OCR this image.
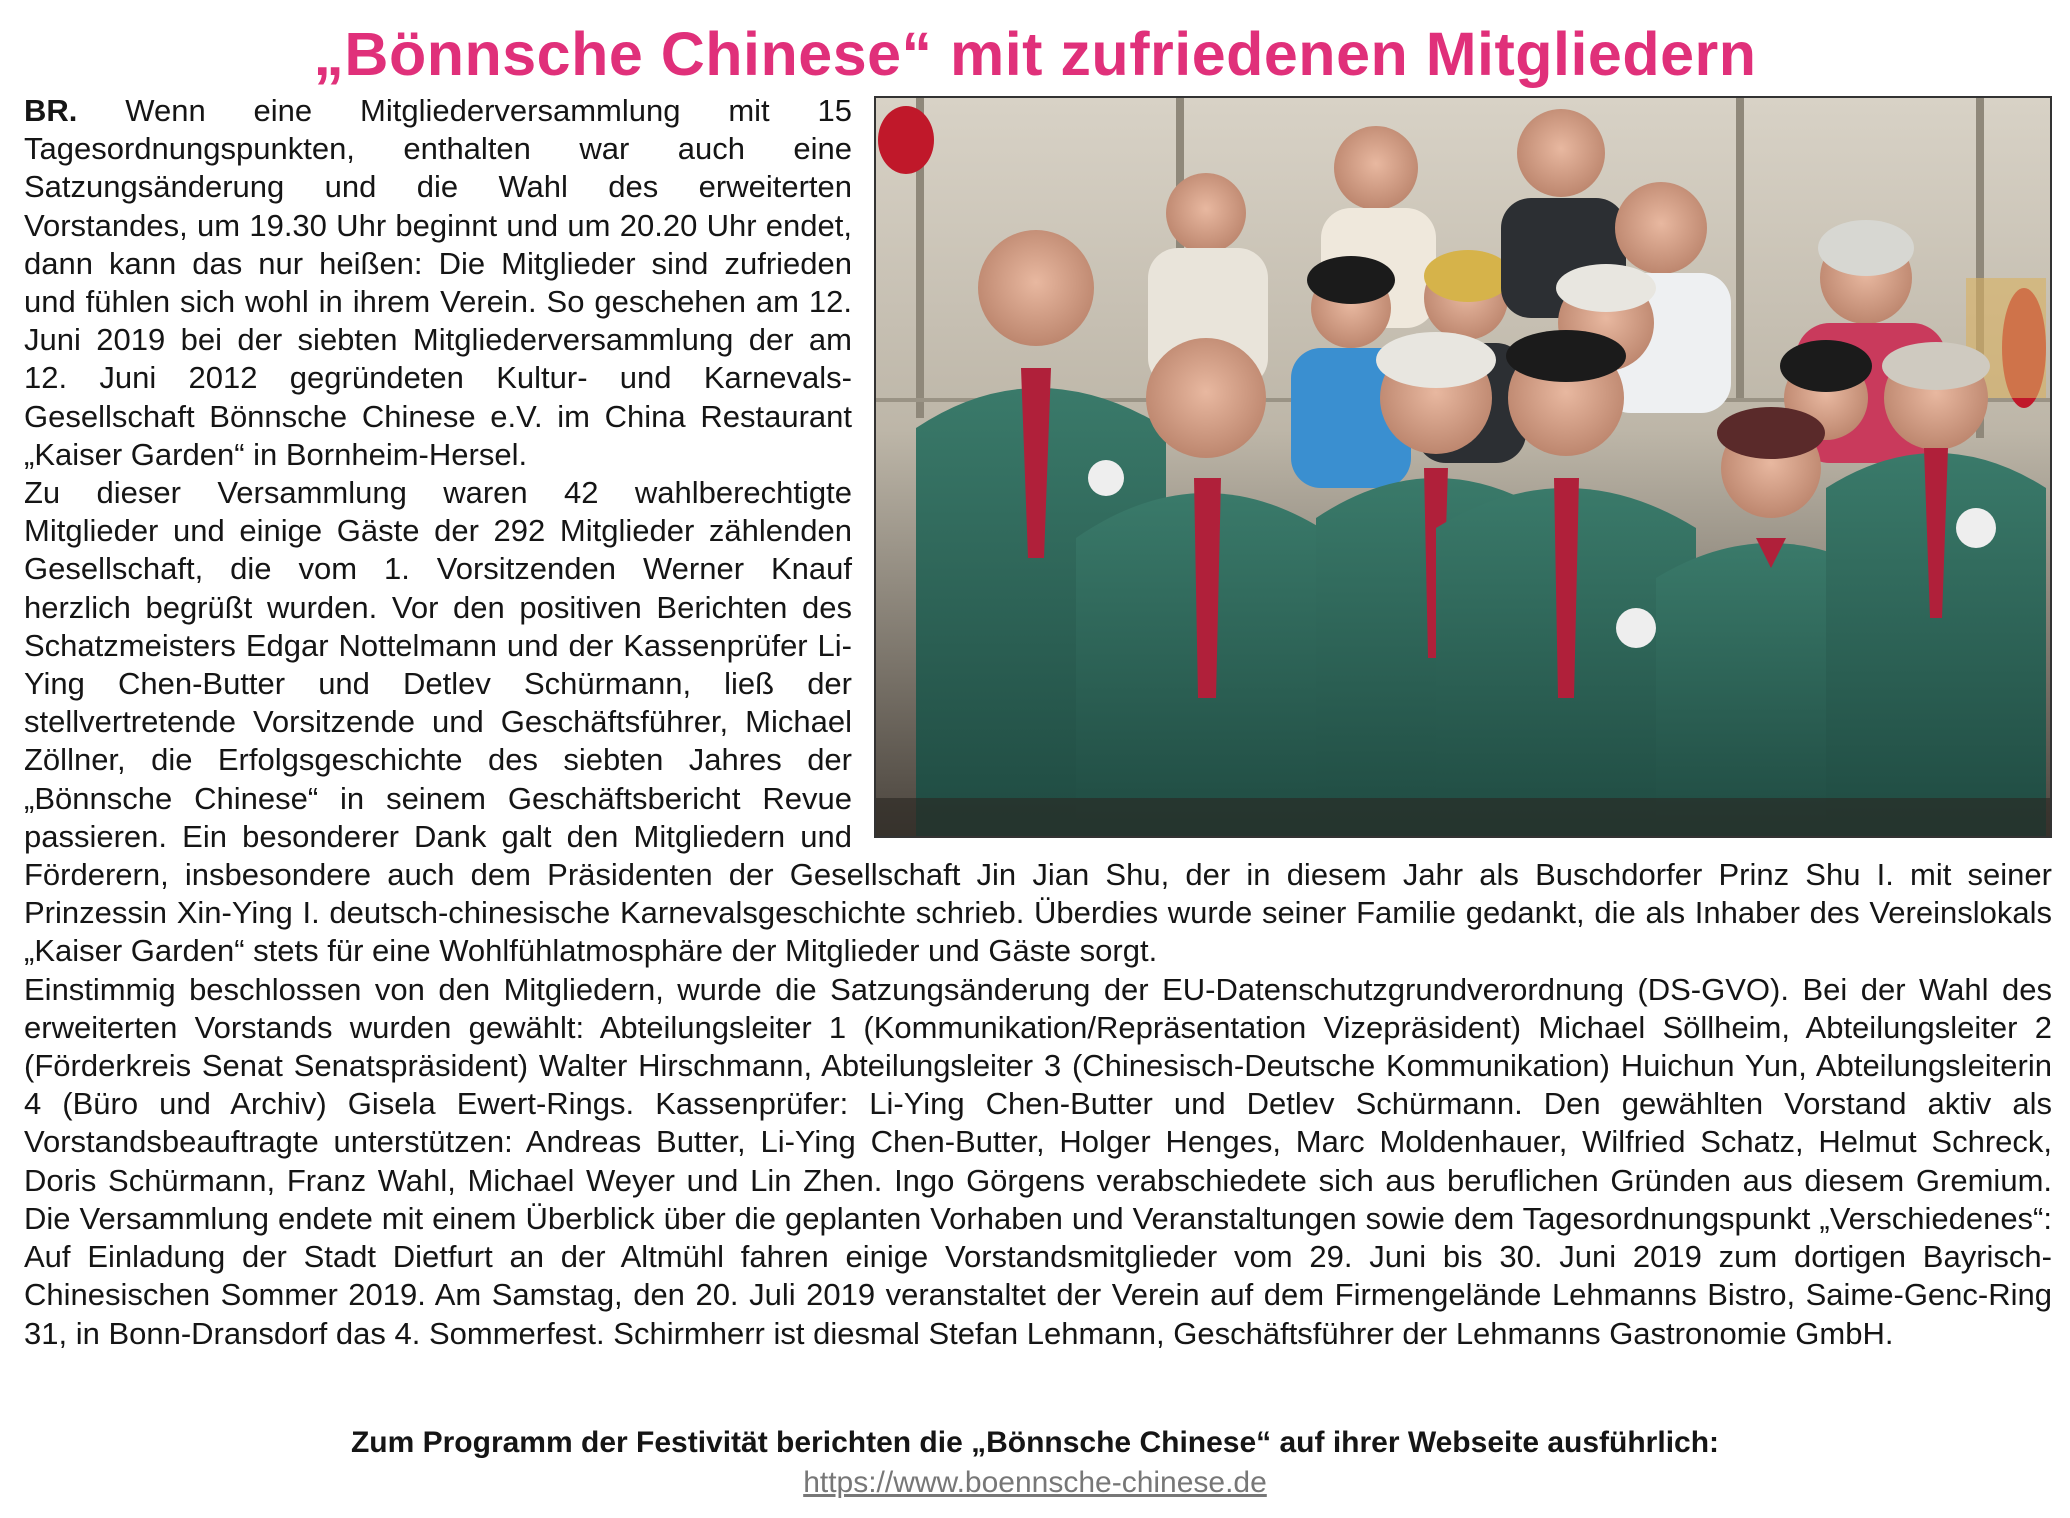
„Bönnsche Chinese“ mit zufriedenen Mitgliedern

BR. Wenn eine Mitgliederversammlung mit 15 Tagesordnungspunkten, enthalten war auch eine Satzungsänderung und die Wahl des erweiterten Vorstandes, um 19.30 Uhr beginnt und um 20.20 Uhr endet, dann kann das nur heißen: Die Mitglieder sind zufrieden und fühlen sich wohl in ihrem Verein. So geschehen am 12. Juni 2019 bei der siebten Mitgliederversammlung der am 12. Juni 2012 gegründeten Kultur- und Karnevals-Gesellschaft Bönnsche Chinese e.V. im China Restaurant „Kaiser Garden“ in Bornheim-Hersel.

Zu dieser Versammlung waren 42 wahlberechtigte Mitglieder und einige Gäste der 292 Mitglieder zählenden Gesellschaft, die vom 1. Vorsitzenden Werner Knauf herzlich begrüßt wurden. Vor den positiven Berichten des Schatzmeisters Edgar Nottelmann und der Kassenprüfer Li-Ying Chen-Butter und Detlev Schürmann, ließ der stellvertretende Vorsitzende und Geschäftsführer, Michael Zöllner, die Erfolgsgeschichte des siebten Jahres der „Bönnsche Chinese“ in seinem Geschäftsbericht Revue passieren. Ein besonderer Dank galt den Mitgliedern und Förderern, insbesondere auch dem Präsidenten der Gesellschaft Jin Jian Shu, der in diesem Jahr als Buschdorfer Prinz Shu I. mit seiner Prinzessin Xin-Ying I. deutsch-chinesische Karnevalsgeschichte schrieb. Überdies wurde seiner Familie gedankt, die als Inhaber des Vereinslokals „Kaiser Garden“ stets für eine Wohlfühlatmosphäre der Mitglieder und Gäste sorgt.

Einstimmig beschlossen von den Mitgliedern, wurde die Satzungsänderung der EU-Datenschutzgrundverordnung (DS-GVO). Bei der Wahl des erweiterten Vorstands wurden gewählt: Abteilungsleiter 1 (Kommunikation/Repräsentation Vizepräsident) Michael Söllheim, Abteilungsleiter 2 (Förderkreis Senat Senatspräsident) Walter Hirschmann, Abteilungsleiter 3 (Chinesisch-Deutsche Kommunikation) Huichun Yun, Abteilungsleiterin 4 (Büro und Archiv) Gisela Ewert-Rings. Kassenprüfer: Li-Ying Chen-Butter und Detlev Schürmann. Den gewählten Vorstand aktiv als Vorstandsbeauftragte unterstützen: Andreas Butter, Li-Ying Chen-Butter, Holger Henges, Marc Moldenhauer, Wilfried Schatz, Helmut Schreck, Doris Schürmann, Franz Wahl, Michael Weyer und Lin Zhen. Ingo Görgens verabschiedete sich aus beruflichen Gründen aus diesem Gremium. Die Versammlung endete mit einem Überblick über die geplanten Vorhaben und Veranstaltungen sowie dem Tagesordnungspunkt „Verschiedenes“: Auf Einladung der Stadt Dietfurt an der Altmühl fahren einige Vorstandsmitglieder vom 29. Juni bis 30. Juni 2019 zum dortigen Bayrisch-Chinesischen Sommer 2019. Am Samstag, den 20. Juli 2019 veranstaltet der Verein auf dem Firmengelände Lehmanns Bistro, Saime-Genc-Ring 31, in Bonn-Dransdorf das 4. Sommerfest. Schirmherr ist diesmal Stefan Lehmann, Geschäftsführer der Lehmanns Gastronomie GmbH.

Zum Programm der Festivität berichten die „Bönnsche Chinese“ auf ihrer Webseite ausführlich:
https://www.boennsche-chinese.de
